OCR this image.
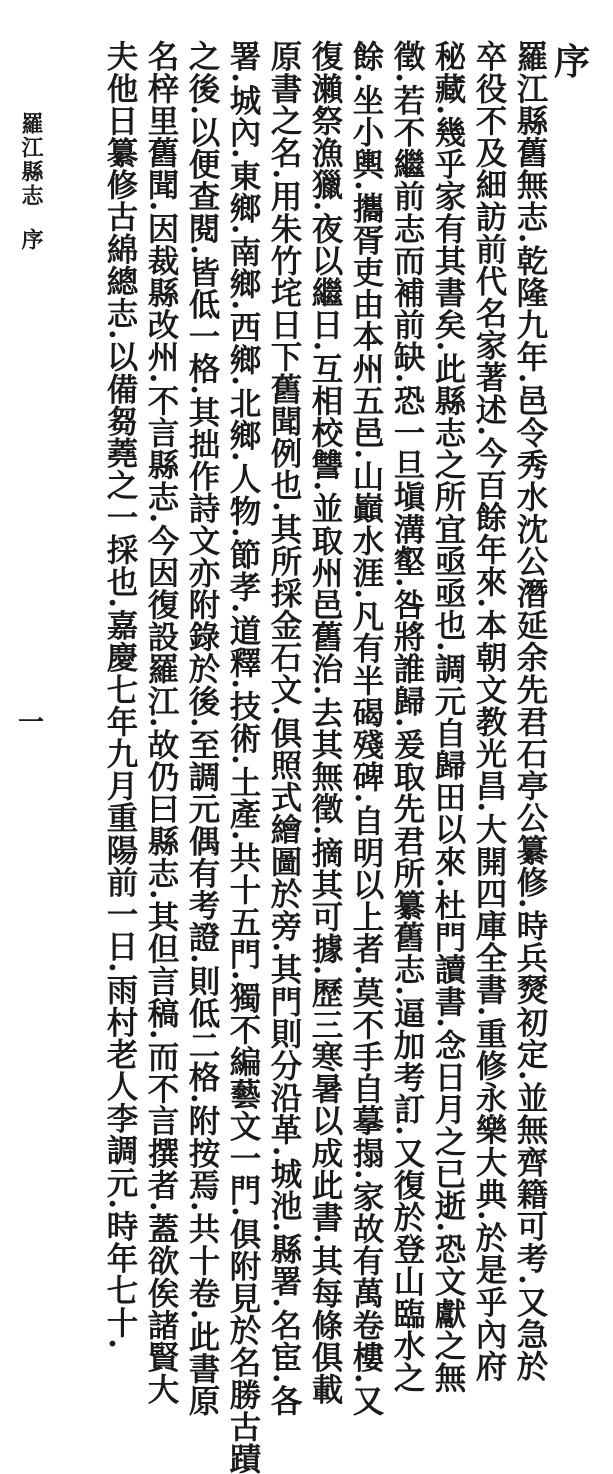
序
羅江縣舊無志.乾隆九年.邑令秀水沈公潛延余先君石亭公纂修.時兵燹初定.並無齊籍可考.又急於
卒役不及細訪前代名家著述.今百餘年來.本朝文教光昌.大開四庫全書.重修永樂大典.於是乎內府
秘藏.幾乎家有其書矣.此縣志之所宜亟亟也.調元自歸田以來.杜門讀書.念日月之已逝.恐文獻之無
徵.若不繼前志而補前缺.恐一旦塡溝壑.咎將誰歸.爰取先君所纂舊志.逼加考訂.又復於登山臨水之
餘.坐小輿.攜胥吏由本州五邑.山巓水涯.凡有半碣殘碑.自明以上者.莫不手自摹搨.家故有萬卷樓.又
復瀨祭漁獵.夜以繼日.互相校讐.並取州邑舊治.去其無徵.摘其可據.歷三寒暑以成此書.其每條俱載
原書之名.用朱竹垞日下舊聞例也.其所採金石文.俱照式繪圖於旁.其門則分沿革.城池.縣署.名宦.各
署.城內.東鄉.南鄉.西鄉.北鄉.人物.節孝.道釋.技術.土產.共十五門.獨不編藝文一門.俱附見於名勝古蹟
之後.以便查閱.皆低一格.其拙作詩文亦附錄於後.至調元偶有考證.則低二格.附按焉.共十卷.此書原
名梓里舊聞.因裁縣改州.不言縣志.今因復設羅江.故仍曰縣志.其但言稿.而不言撰者.蓋欲俟諸賢大
夫他日纂修古綿總志.以備芻蕘之一採也.嘉慶七年九月重陽前一日.雨村老人李調元.時年七十.
羅江縣志
序
一
